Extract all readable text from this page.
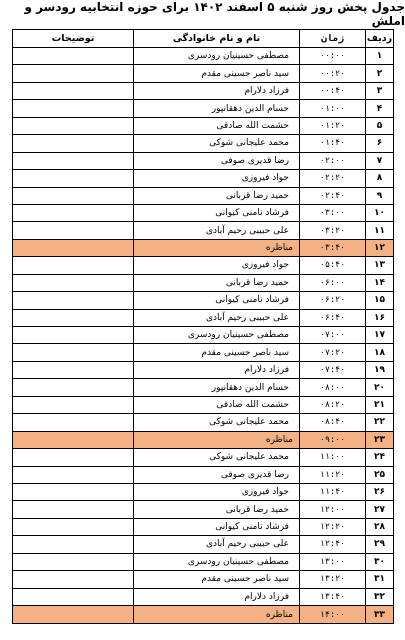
جدول پخش روز شنبه ۵ اسفند ۱۴۰۲ برای حوزه انتخابیه رودسر و املش
ردیف
زمان
نام و نام خانوادگی
توضیحات
۱
۰۰:۰۰
مصطفی حسینیان رودسری
۲
۰۰:۲۰
سید ناصر حسینی مقدم
۳
۰۰:۴۰
فرزاد دلارام
۴
۰۱:۰۰
حسام الدین دهقانپور
۵
۰۱:۲۰
حشمت الله صادقی
۶
۰۱:۴۰
محمد علیجانی شوکی
۷
۰۲:۰۰
رضا قدیری صوفی
۸
۰۲:۲۰
جواد فیروزی
۹
۰۲:۴۰
حمید رضا قربانی
۱۰
۰۳:۰۰
فرشاد تامنی کیوانی
۱۱
۰۳:۲۰
علی حبیبی رحیم آبادی
۱۲
۰۳:۴۰
مناظره
۱۳
۰۵:۴۰
جواد فیروزی
۱۴
۰۶:۰۰
حمید رضا قربانی
۱۵
۰۶:۲۰
فرشاد تامنی کیوانی
۱۶
۰۶:۴۰
علی حبیبی رحیم آبادی
۱۷
۰۷:۰۰
مصطفی حسینیان رودسری
۱۸
۰۷:۲۰
سید ناصر حسینی مقدم
۱۹
۰۷:۴۰
فرزاد دلارام
۲۰
۰۸:۰۰
حسام الدین دهقانپور
۲۱
۰۸:۲۰
حشمت الله صادقی
۲۲
۰۸:۴۰
محمد علیجانی شوکی
۲۳
۰۹:۰۰
مناظره
۲۴
۱۱:۰۰
محمد علیجانی شوکی
۲۵
۱۱:۲۰
رضا قدیری صوفی
۲۶
۱۱:۴۰
جواد فیروزی
۲۷
۱۲:۰۰
حمید رضا قربانی
۲۸
۱۲:۲۰
فرشاد تامنی کیوانی
۲۹
۱۲:۴۰
علی حبیبی رحیم آبادی
۳۰
۱۳:۰۰
مصطفی حسینیان رودسری
۳۱
۱۳:۲۰
سید ناصر حسینی مقدم
۳۲
۱۳:۴۰
فرزاد دلارام
۳۳
۱۴:۰۰
مناظره
